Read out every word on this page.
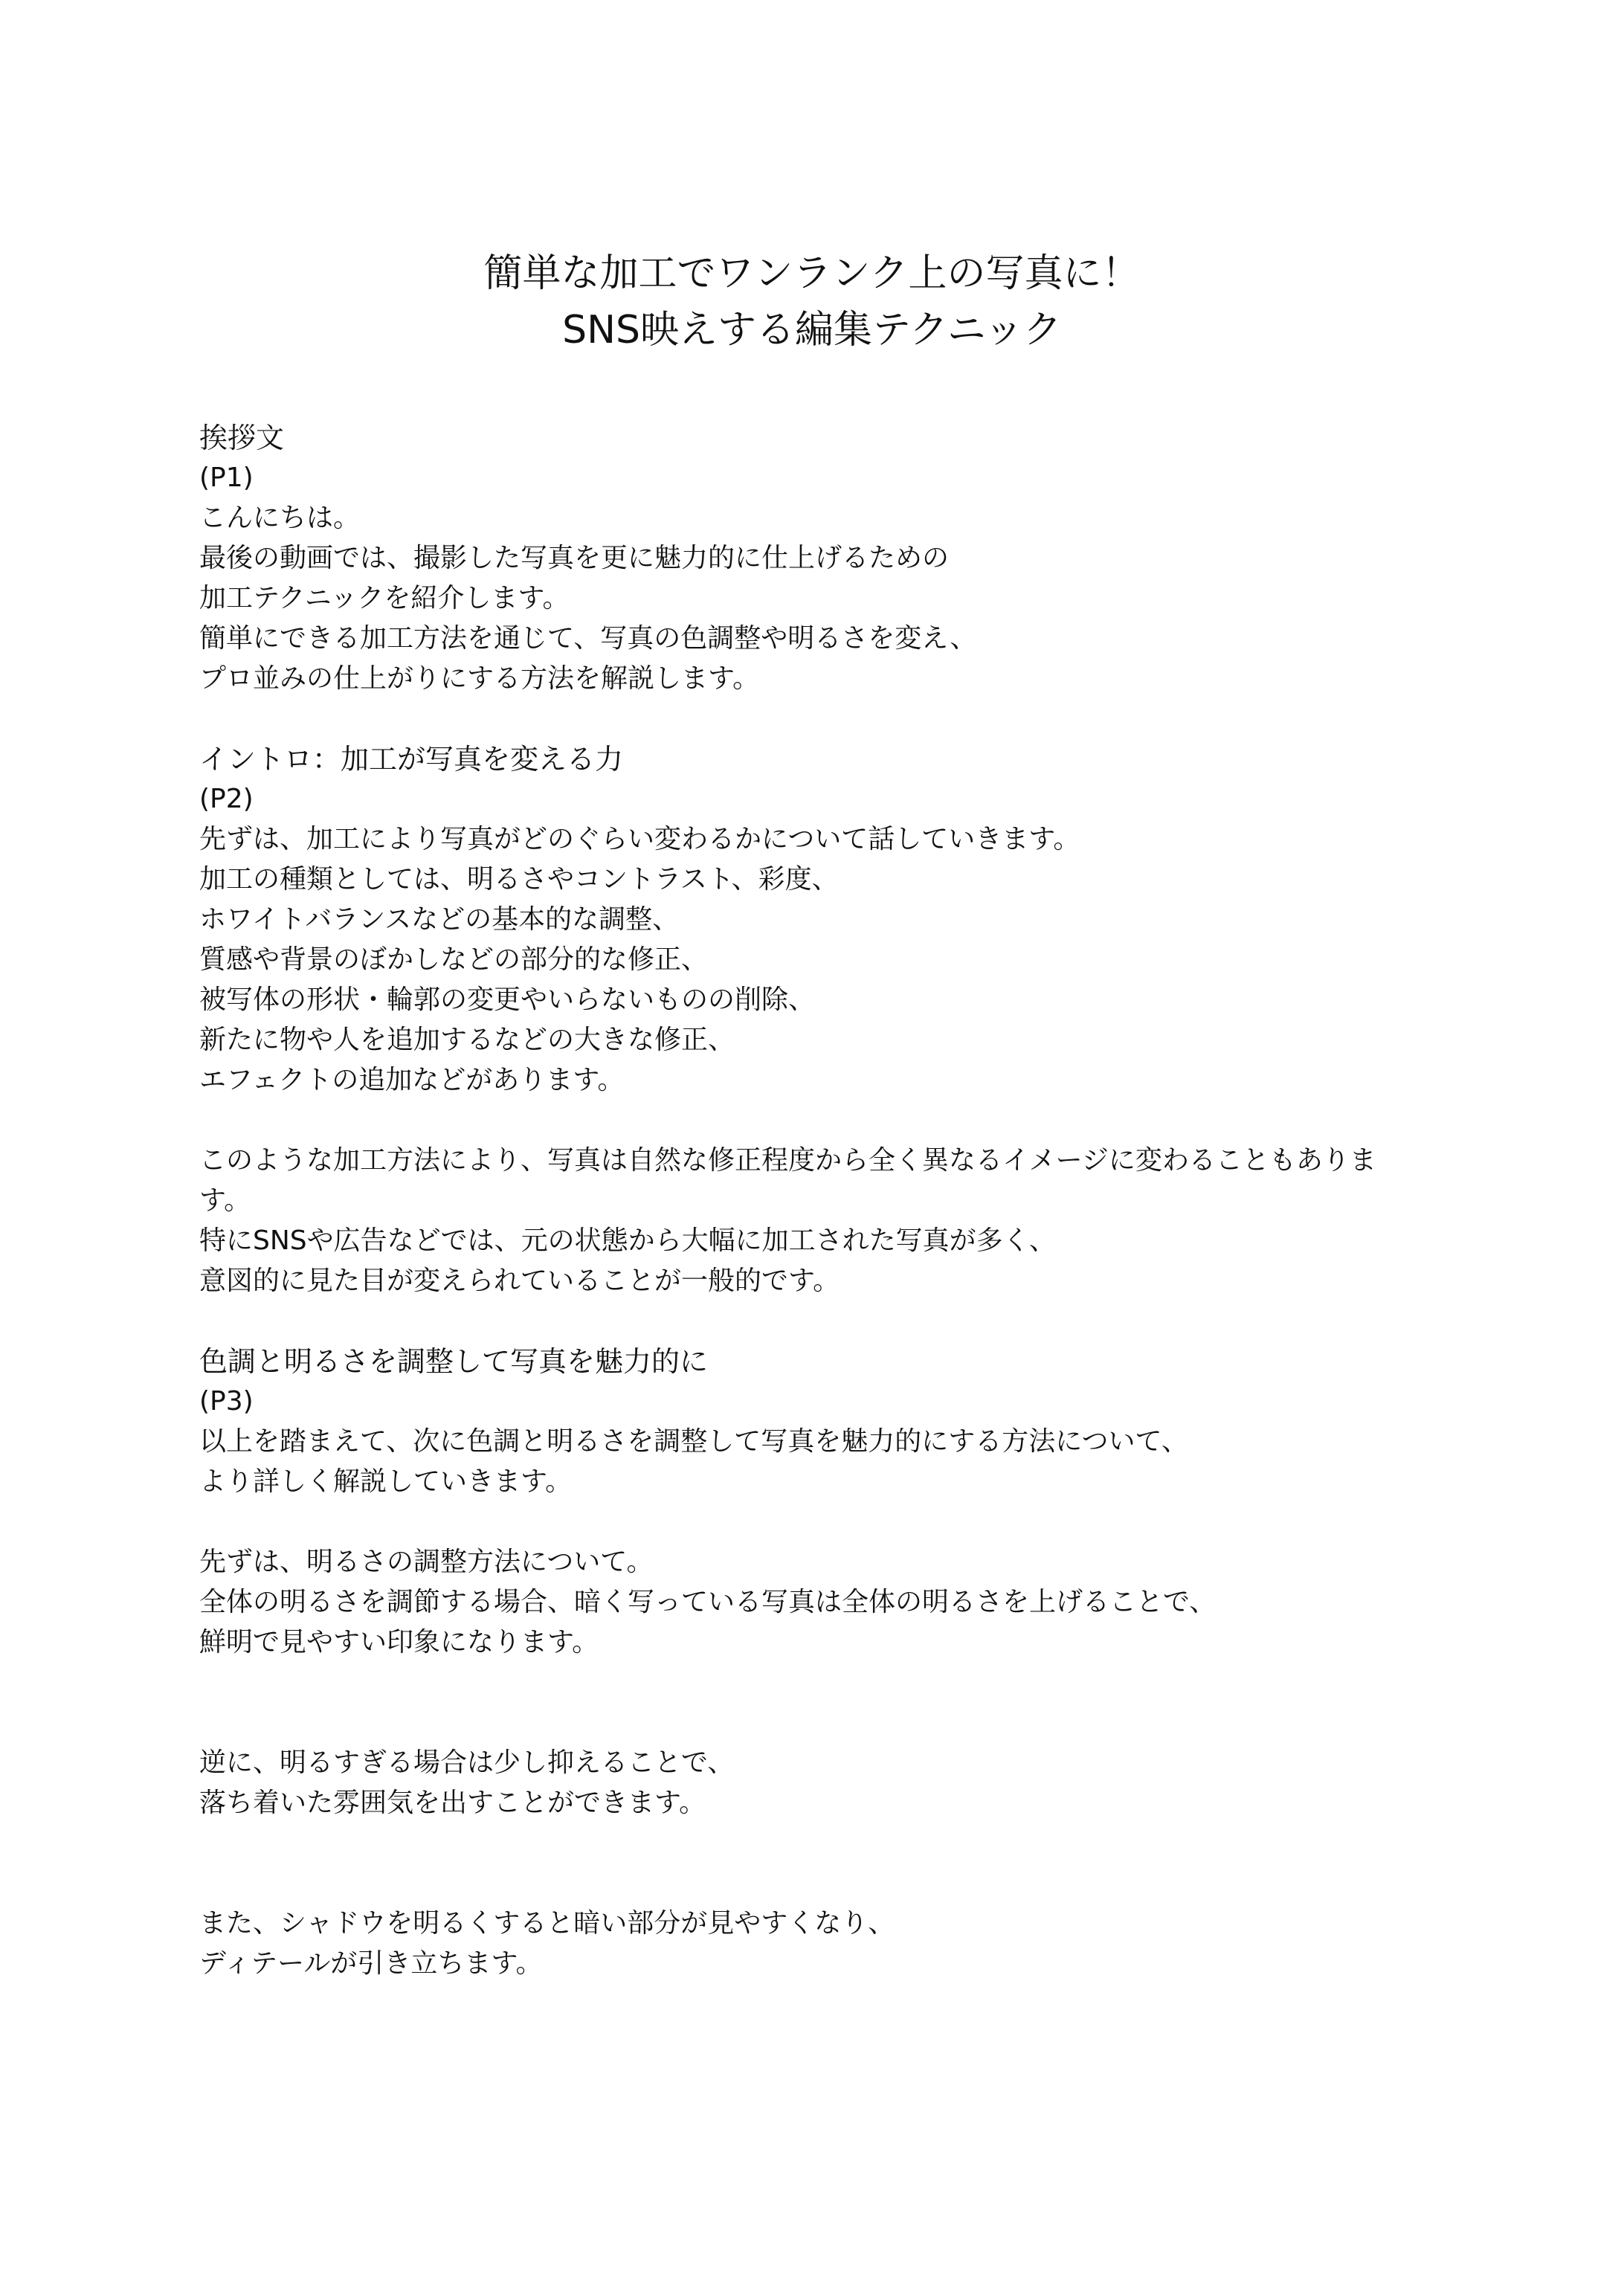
簡単な加工でワンランク上の写真に！
SNS映えする編集テクニック
挨拶文
(P1)
こんにちは。
最後の動画では、撮影した写真を更に魅力的に仕上げるための
加工テクニックを紹介します。
簡単にできる加工方法を通じて、写真の色調整や明るさを変え、
プロ並みの仕上がりにする方法を解説します。
イントロ：加工が写真を変える力
(P2)
先ずは、加工により写真がどのぐらい変わるかについて話していきます。
加工の種類としては、明るさやコントラスト、彩度、
ホワイトバランスなどの基本的な調整、
質感や背景のぼかしなどの部分的な修正、
被写体の形状・輪郭の変更やいらないものの削除、
新たに物や人を追加するなどの大きな修正、
エフェクトの追加などがあります。
このような加工方法により、写真は自然な修正程度から全く異なるイメージに変わることもありま
す。
特にSNSや広告などでは、元の状態から大幅に加工された写真が多く、
意図的に見た目が変えられていることが一般的です。
色調と明るさを調整して写真を魅力的に
(P3)
以上を踏まえて、次に色調と明るさを調整して写真を魅力的にする方法について、
より詳しく解説していきます。
先ずは、明るさの調整方法について。
全体の明るさを調節する場合、暗く写っている写真は全体の明るさを上げることで、
鮮明で見やすい印象になります。
逆に、明るすぎる場合は少し抑えることで、
落ち着いた雰囲気を出すことができます。
また、シャドウを明るくすると暗い部分が見やすくなり、
ディテールが引き立ちます。
